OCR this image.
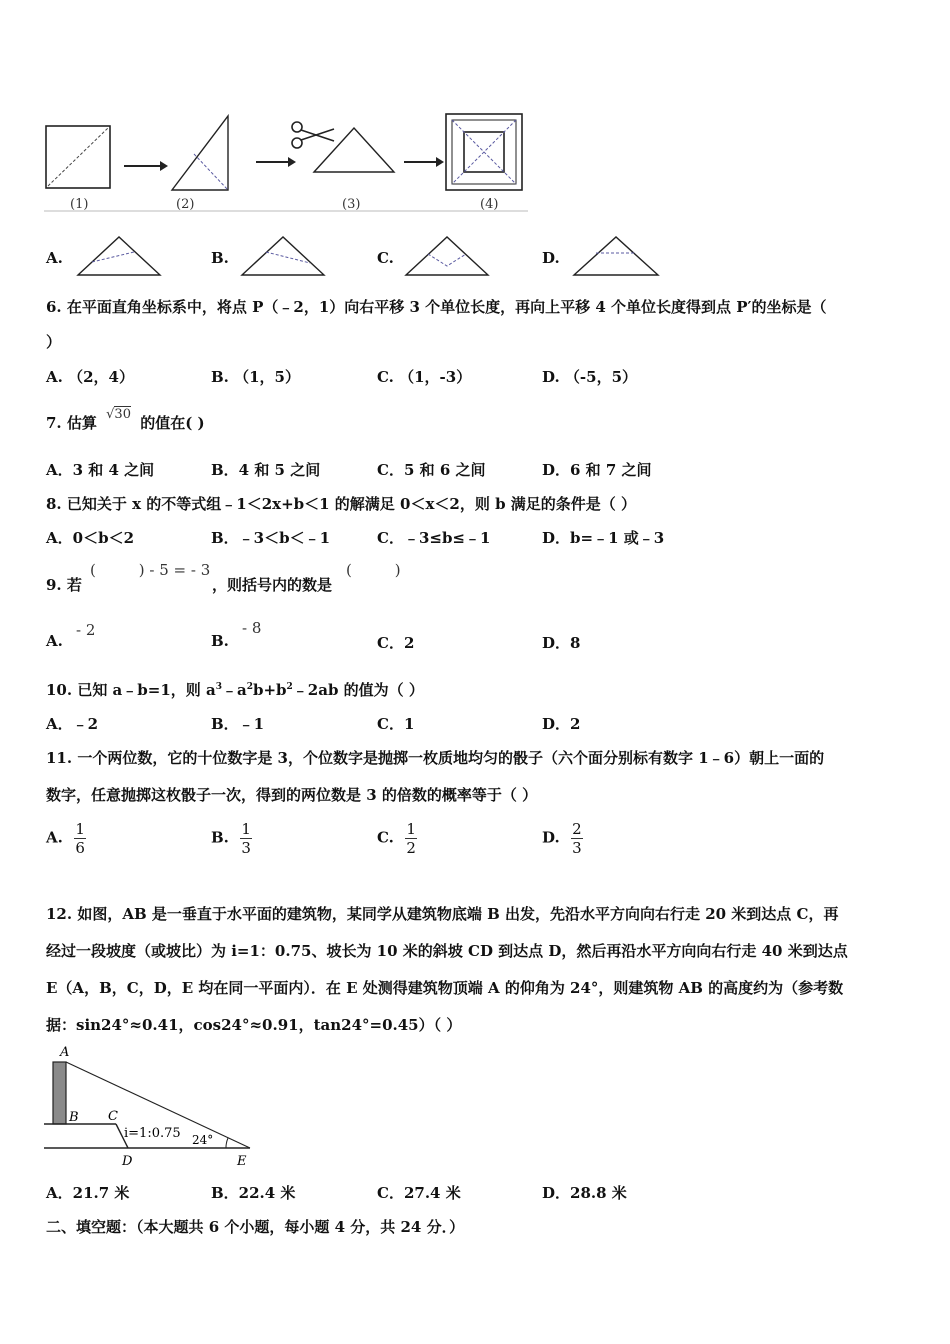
(1)	(2)	(3)	(4)
A.	B.	C.	D.
6. 在平面直角坐标系中，将点 P（﹣2，1）向右平移 3 个单位长度，再向上平移 4 个单位长度得到点 P′的坐标是（
）
A. （2，4）	B. （1，5）	C. （1，-3）	D. （-5，5）
7. 估算 √30 的值在( )
A．3 和 4 之间	B．4 和 5 之间	C．5 和 6 之间	D．6 和 7 之间
8. 已知关于 x 的不等式组﹣1＜2x+b＜1 的解满足 0＜x＜2，则 b 满足的条件是（ ）
A．0＜b＜2	B．﹣3＜b＜﹣1	C．﹣3≤b≤﹣1	D．b=﹣1 或﹣3
9. 若
(         ) - 5 = - 3
，则括号内的数是
(         )
A.
- 2
B.
- 8
C．2	D．8
10. 已知 a﹣b=1，则 $a^3﹣a^2b+b^2﹣2ab$ 的值为（ ）
A．﹣2	B．﹣1	C．1	D．2
11. 一个两位数，它的十位数字是 3，个位数字是抛掷一枚质地均匀的骰子（六个面分别标有数字 1﹣6）朝上一面的
数字，任意抛掷这枚骰子一次，得到的两位数是 3 的倍数的概率等于（ ）
A. $\frac{1}{6}$	B. $\frac{1}{3}$	C. $\frac{1}{2}$	D. $\frac{2}{3}$
12. 如图，AB 是一垂直于水平面的建筑物，某同学从建筑物底端 B 出发，先沿水平方向向右行走 20 米到达点 C，再
经过一段坡度（或坡比）为 i=1：0.75、坡长为 10 米的斜坡 CD 到达点 D，然后再沿水平方向向右行走 40 米到达点
E（A，B，C，D，E 均在同一平面内）．在 E 处测得建筑物顶端 A 的仰角为 24°，则建筑物 AB 的高度约为（参考数
据：sin24°≈0.41，cos24°≈0.91，tan24°=0.45）（ ）
A
B C
D	E
i=1:0.75 24°
A．21.7 米	B．22.4 米	C．27.4 米	D．28.8 米
二、填空题：（本大题共 6 个小题，每小题 4 分，共 24 分．）
